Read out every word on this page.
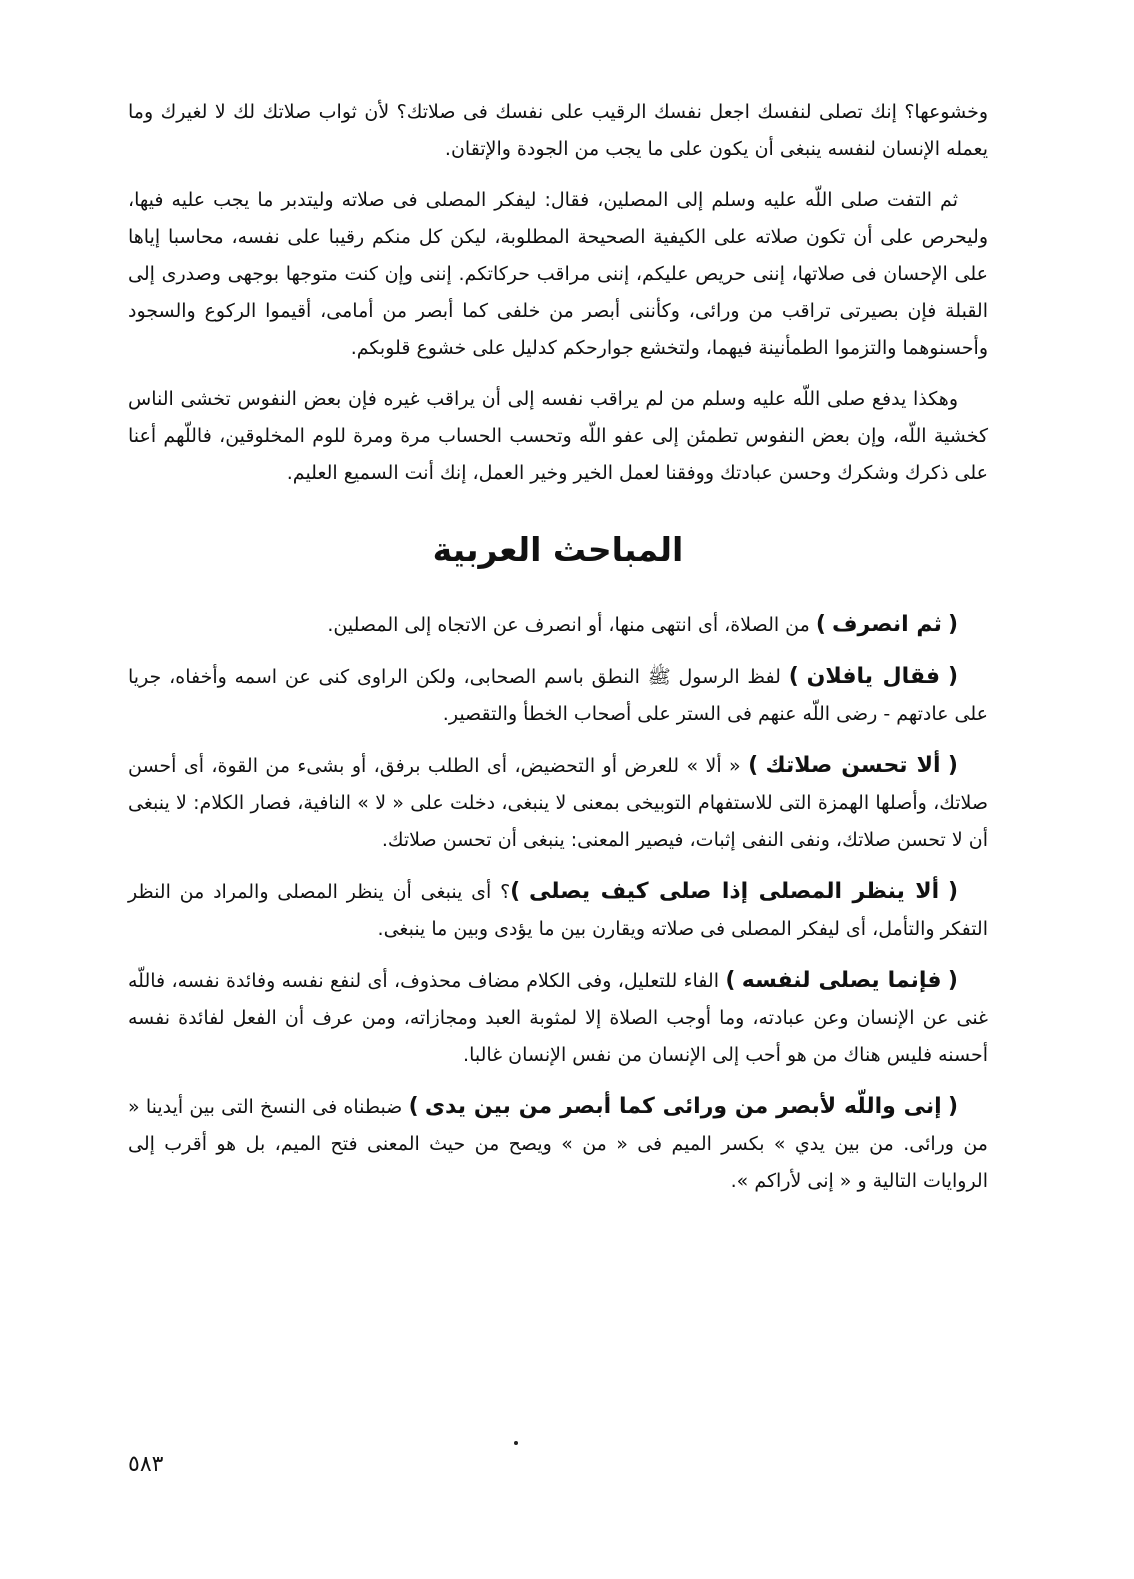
وخشوعها؟ إنك تصلى لنفسك اجعل نفسك الرقيب على نفسك فى صلاتك؟ لأن ثواب صلاتك لك لا لغيرك وما يعمله الإنسان لنفسه ينبغى أن يكون على ما يجب من الجودة والإتقان.

ثم التفت صلى اللّه عليه وسلم إلى المصلين، فقال: ليفكر المصلى فى صلاته وليتدبر ما يجب عليه فيها، وليحرص على أن تكون صلاته على الكيفية الصحيحة المطلوبة، ليكن كل منكم رقيبا على نفسه، محاسبا إياها على الإحسان فى صلاتها، إننى حريص عليكم، إننى مراقب حركاتكم. إننى وإن كنت متوجها بوجهى وصدرى إلى القبلة فإن بصيرتى تراقب من ورائى، وكأننى أبصر من خلفى كما أبصر من أمامى، أقيموا الركوع والسجود وأحسنوهما والتزموا الطمأنينة فيهما، ولتخشع جوارحكم كدليل على خشوع قلوبكم.

وهكذا يدفع صلى اللّه عليه وسلم من لم يراقب نفسه إلى أن يراقب غيره فإن بعض النفوس تخشى الناس كخشية اللّه، وإن بعض النفوس تطمئن إلى عفو اللّه وتحسب الحساب مرة ومرة للوم المخلوقين، فاللّهم أعنا على ذكرك وشكرك وحسن عبادتك ووفقنا لعمل الخير وخير العمل، إنك أنت السميع العليم.

المباحث العربية

( ثم انصرف ) من الصلاة، أى انتهى منها، أو انصرف عن الاتجاه إلى المصلين.

( فقال يافلان ) لفظ الرسول ﷺ النطق باسم الصحابى، ولكن الراوى كنى عن اسمه وأخفاه، جريا على عادتهم - رضى اللّه عنهم فى الستر على أصحاب الخطأ والتقصير.

( ألا تحسن صلاتك ) « ألا » للعرض أو التحضيض، أى الطلب برفق، أو بشىء من القوة، أى أحسن صلاتك، وأصلها الهمزة التى للاستفهام التوبيخى بمعنى لا ينبغى، دخلت على « لا » النافية، فصار الكلام: لا ينبغى أن لا تحسن صلاتك، ونفى النفى إثبات، فيصير المعنى: ينبغى أن تحسن صلاتك.

( ألا ينظر المصلى إذا صلى كيف يصلى )؟ أى ينبغى أن ينظر المصلى والمراد من النظر التفكر والتأمل، أى ليفكر المصلى فى صلاته ويقارن بين ما يؤدى وبين ما ينبغى.

( فإنما يصلى لنفسه ) الفاء للتعليل، وفى الكلام مضاف محذوف، أى لنفع نفسه وفائدة نفسه، فاللّه غنى عن الإنسان وعن عبادته، وما أوجب الصلاة إلا لمثوبة العبد ومجازاته، ومن عرف أن الفعل لفائدة نفسه أحسنه فليس هناك من هو أحب إلى الإنسان من نفس الإنسان غالبا.

( إنى واللّه لأبصر من ورائى كما أبصر من بين يدى ) ضبطناه فى النسخ التى بين أيدينا « من ورائى. من بين يدي » بكسر الميم فى « من » ويصح من حيث المعنى فتح الميم، بل هو أقرب إلى الروايات التالية و « إنى لأراكم ».

٥٨٣
